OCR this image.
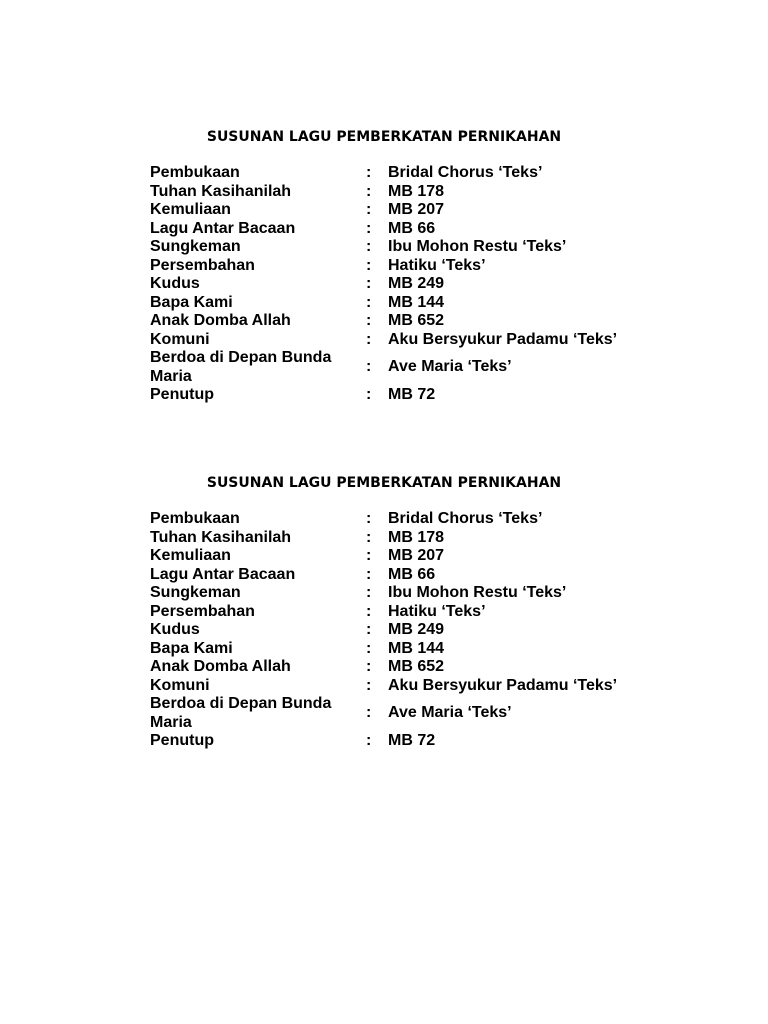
SUSUNAN LAGU PEMBERKATAN PERNIKAHAN
Pembukaan	:	Bridal Chorus ‘Teks’
Tuhan Kasihanilah	:	MB 178
Kemuliaan	:	MB 207
Lagu Antar Bacaan	:	MB 66
Sungkeman	:	Ibu Mohon Restu ‘Teks’
Persembahan	:	Hatiku ‘Teks’
Kudus	:	MB 249
Bapa Kami	:	MB 144
Anak Domba Allah	:	MB 652
Komuni	:	Aku Bersyukur Padamu ‘Teks’
Berdoa di Depan Bunda Maria	:	Ave Maria ‘Teks’
Penutup	:	MB 72
SUSUNAN LAGU PEMBERKATAN PERNIKAHAN
Pembukaan	:	Bridal Chorus ‘Teks’
Tuhan Kasihanilah	:	MB 178
Kemuliaan	:	MB 207
Lagu Antar Bacaan	:	MB 66
Sungkeman	:	Ibu Mohon Restu ‘Teks’
Persembahan	:	Hatiku ‘Teks’
Kudus	:	MB 249
Bapa Kami	:	MB 144
Anak Domba Allah	:	MB 652
Komuni	:	Aku Bersyukur Padamu ‘Teks’
Berdoa di Depan Bunda Maria	:	Ave Maria ‘Teks’
Penutup	:	MB 72
